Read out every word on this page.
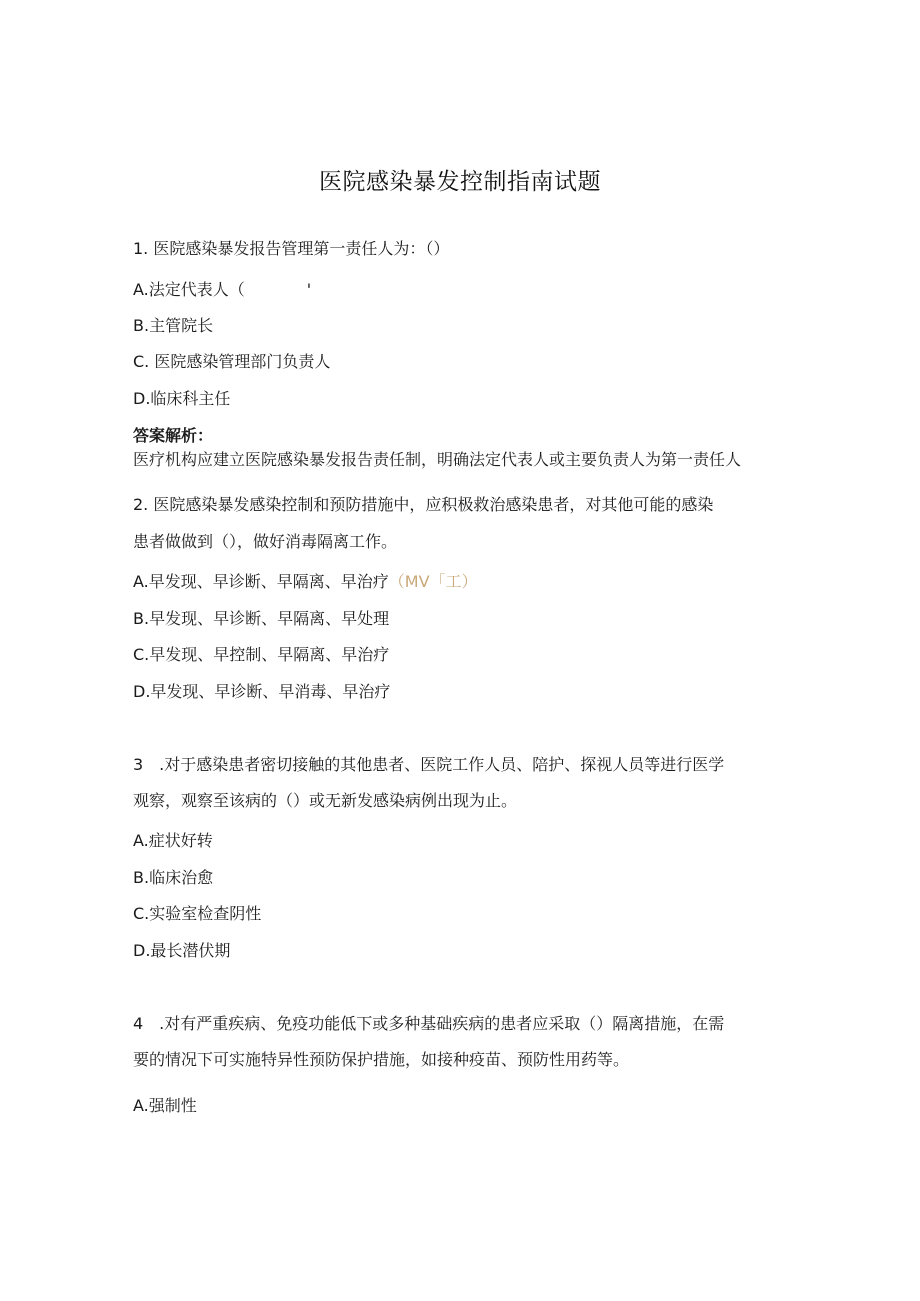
医院感染暴发控制指南试题
1. 医院感染暴发报告管理第一责任人为：（）
A.法定代表人（	'
B.主管院长
C. 医院感染管理部门负责人
D.临床科主任
答案解析：
医疗机构应建立医院感染暴发报告责任制，明确法定代表人或主要负责人为第一责任人
2. 医院感染暴发感染控制和预防措施中，应积极救治感染患者，对其他可能的感染
患者做做到（），做好消毒隔离工作。
A.早发现、早诊断、早隔离、早治疗（MV「工）
B.早发现、早诊断、早隔离、早处理
C.早发现、早控制、早隔离、早治疗
D.早发现、早诊断、早消毒、早治疗
3　.对于感染患者密切接触的其他患者、医院工作人员、陪护、探视人员等进行医学
观察，观察至该病的（）或无新发感染病例出现为止。
A.症状好转
B.临床治愈
C.实验室检查阴性
D.最长潜伏期
4　.对有严重疾病、免疫功能低下或多种基础疾病的患者应采取（）隔离措施，在需
要的情况下可实施特异性预防保护措施，如接种疫苗、预防性用药等。
A.强制性
